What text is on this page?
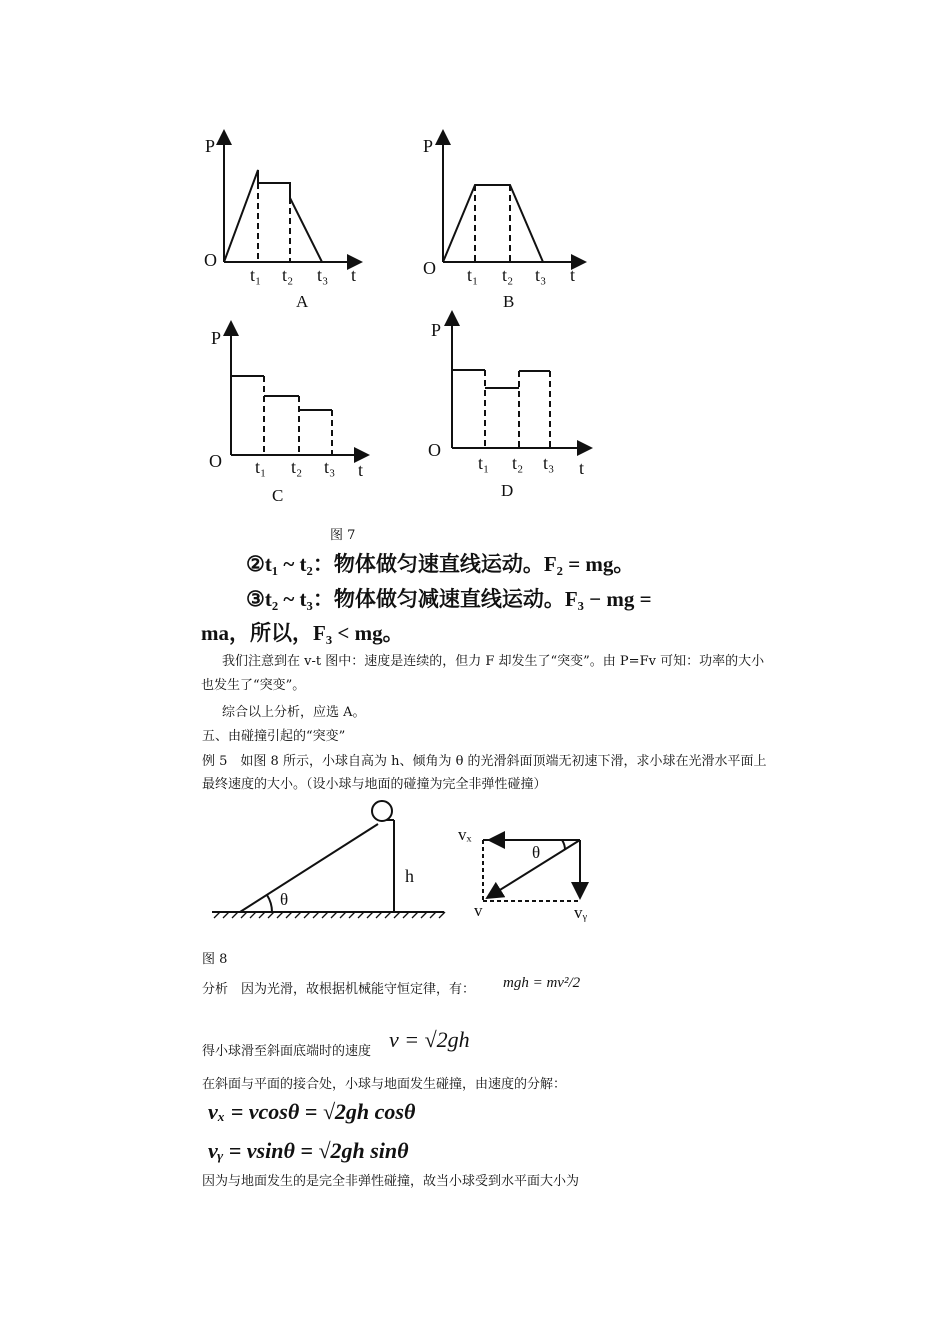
P
O
t₁ t₂ t₃ t
A
P
O t₁ t₂ t₃ t
B
P
O t₁ t₂ t₃ t
C
P
O
t₁ t₂ t₃ t
D
图 7
②t₁ ~ t₂：物体做匀速直线运动。F₂ = mg。
③t₂ ~ t₃：物体做匀减速直线运动。F₃ − mg =
ma，所以，F₃ < mg。
我们注意到在 v-t 图中：速度是连续的，但力 F 却发生了“突变”。由 P=Fv 可知：功率的大小
也发生了“突变”。
综合以上分析，应选 A。
五、由碰撞引起的“突变”
例 5　如图 8 所示，小球自高为 h、倾角为 θ 的光滑斜面顶端无初速下滑，求小球在光滑水平面上
最终速度的大小。（设小球与地面的碰撞为完全非弹性碰撞）
θ
h
vₓ
θ
v	vᵧ
图 8
分析　因为光滑，故根据机械能守恒定律，有： mgh = mv²/2
得小球滑至斜面底端时的速度 v = √2gh
在斜面与平面的接合处，小球与地面发生碰撞，由速度的分解：
vₓ = vcosθ = √2gh cosθ
vᵧ = vsinθ = √2gh sinθ
因为与地面发生的是完全非弹性碰撞，故当小球受到水平面大小为
